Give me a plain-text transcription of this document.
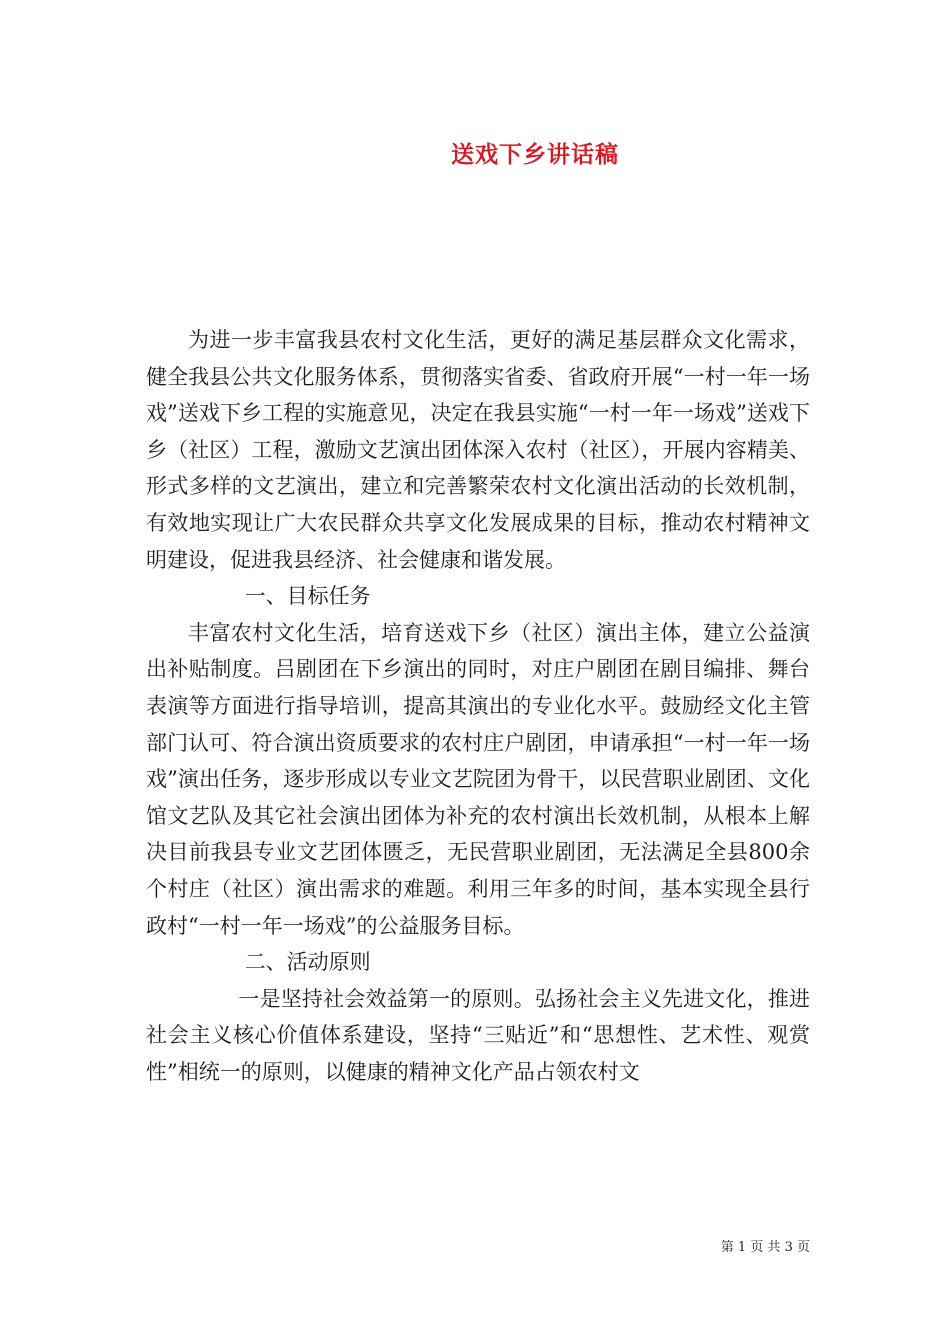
送戏下乡讲话稿

为进一步丰富我县农村文化生活，更好的满足基层群众文化需求，健全我县公共文化服务体系，贯彻落实省委、省政府开展“一村一年一场戏”送戏下乡工程的实施意见，决定在我县实施“一村一年一场戏”送戏下乡（社区）工程，激励文艺演出团体深入农村（社区），开展内容精美、形式多样的文艺演出，建立和完善繁荣农村文化演出活动的长效机制，有效地实现让广大农民群众共享文化发展成果的目标，推动农村精神文明建设，促进我县经济、社会健康和谐发展。

一、目标任务

丰富农村文化生活，培育送戏下乡（社区）演出主体，建立公益演出补贴制度。吕剧团在下乡演出的同时，对庄户剧团在剧目编排、舞台表演等方面进行指导培训，提高其演出的专业化水平。鼓励经文化主管部门认可、符合演出资质要求的农村庄户剧团，申请承担“一村一年一场戏”演出任务，逐步形成以专业文艺院团为骨干，以民营职业剧团、文化馆文艺队及其它社会演出团体为补充的农村演出长效机制，从根本上解决目前我县专业文艺团体匮乏，无民营职业剧团，无法满足全县800余个村庄（社区）演出需求的难题。利用三年多的时间，基本实现全县行政村“一村一年一场戏”的公益服务目标。

二、活动原则

一是坚持社会效益第一的原则。弘扬社会主义先进文化，推进社会主义核心价值体系建设，坚持“三贴近”和“思想性、艺术性、观赏性”相统一的原则，以健康的精神文化产品占领农村文

第 1 页 共 3 页
